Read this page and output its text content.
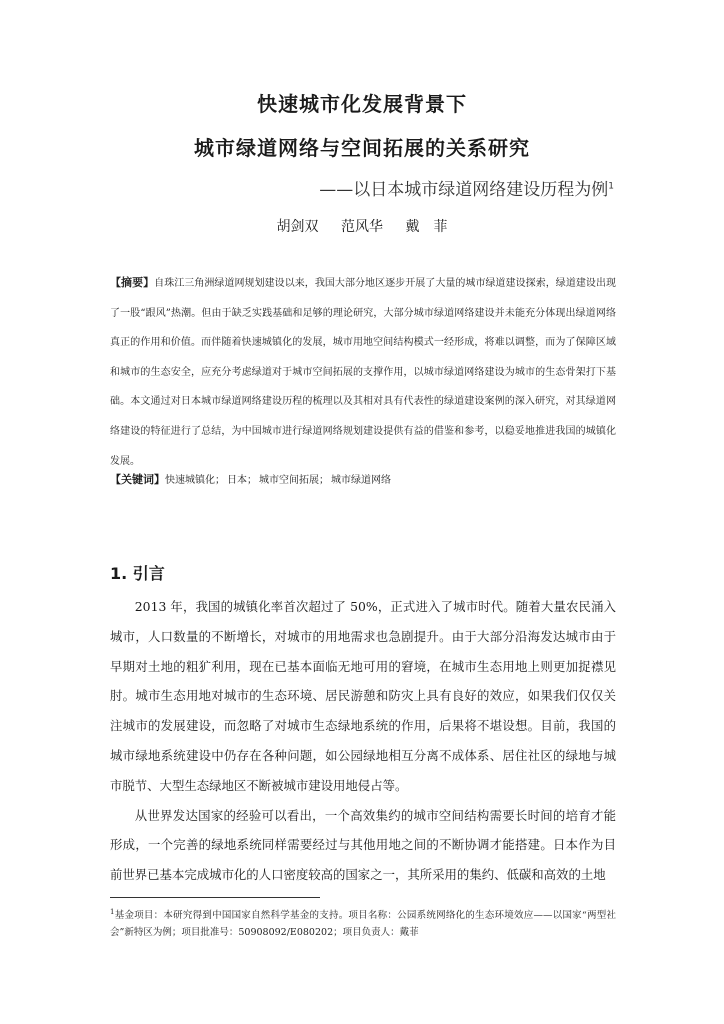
快速城市化发展背景下
城市绿道网络与空间拓展的关系研究
——以日本城市绿道网络建设历程为例$^1$
胡剑双 范风华 戴　菲
【摘要】自珠江三角洲绿道网规划建设以来，我国大部分地区逐步开展了大量的城市绿道建设探索，绿道建设出现了一股“跟风”热潮。但由于缺乏实践基础和足够的理论研究，大部分城市绿道网络建设并未能充分体现出绿道网络真正的作用和价值。而伴随着快速城镇化的发展，城市用地空间结构模式一经形成，将难以调整，而为了保障区域和城市的生态安全，应充分考虑绿道对于城市空间拓展的支撑作用，以城市绿道网络建设为城市的生态骨架打下基础。本文通过对日本城市绿道网络建设历程的梳理以及其相对具有代表性的绿道建设案例的深入研究，对其绿道网络建设的特征进行了总结，为中国城市进行绿道网络规划建设提供有益的借鉴和参考，以稳妥地推进我国的城镇化发展。
【关键词】快速城镇化； 日本； 城市空间拓展； 城市绿道网络
1. 引言

2013 年，我国的城镇化率首次超过了 50%，正式进入了城市时代。随着大量农民涌入城市，人口数量的不断增长，对城市的用地需求也急剧提升。由于大部分沿海发达城市由于早期对土地的粗犷利用，现在已基本面临无地可用的窘境，在城市生态用地上则更加捉襟见肘。城市生态用地对城市的生态环境、居民游憩和防灾上具有良好的效应，如果我们仅仅关注城市的发展建设，而忽略了对城市生态绿地系统的作用，后果将不堪设想。目前，我国的城市绿地系统建设中仍存在各种问题，如公园绿地相互分离不成体系、居住社区的绿地与城市脱节、大型生态绿地区不断被城市建设用地侵占等。

从世界发达国家的经验可以看出，一个高效集约的城市空间结构需要长时间的培育才能形成，一个完善的绿地系统同样需要经过与其他用地之间的不断协调才能搭建。日本作为目前世界已基本完成城市化的人口密度较高的国家之一，其所采用的集约、低碳和高效的土地

$^1$基金项目：本研究得到中国国家自然科学基金的支持。项目名称：公园系统网络化的生态环境效应——以国家“两型社会”新特区为例；项目批准号：50908092/E080202；项目负责人：戴菲
